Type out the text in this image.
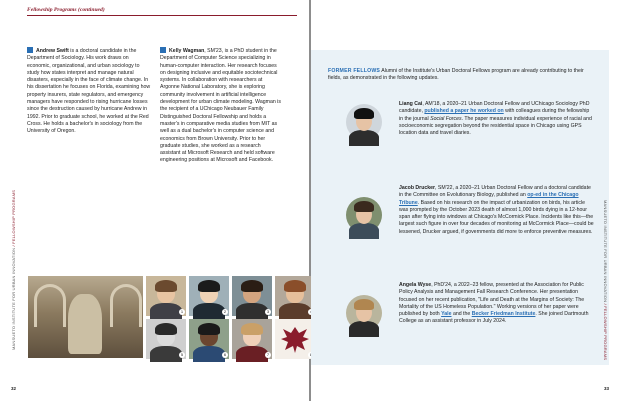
Fellowship Programs (continued)
MANSUETO INSTITUTE FOR URBAN INNOVATION / FELLOWSHIP PROGRAMS
Andrew Swift is a doctoral candidate in the Department of Sociology. His work draws on economic, organizational, and urban sociology to study how states interpret and manage natural disasters, especially in the face of climate change. In his dissertation he focuses on Florida, examining how property insurers, state regulators, and emergency managers have responded to rising hurricane losses since the destruction caused by hurricane Andrew in 1992. Prior to graduate school, he worked at the Red Cross. He holds a bachelor's in sociology from the University of Oregon.
Kelly Wagman, SM'23, is a PhD student in the Department of Computer Science specializing in human-computer interaction. Her research focuses on designing inclusive and equitable sociotechnical systems. In collaboration with researchers at Argonne National Laboratory, she is exploring community involvement in artificial intelligence development for urban climate modeling. Wagman is the recipient of a UChicago Neubauer Family Distinguished Doctoral Fellowship and holds a master's in comparative media studies from MIT as well as a dual bachelor's in computer science and economics from Brown University. Prior to her graduate studies, she worked as a research assistant at Microsoft Research and held software engineering positions at Microsoft and Facebook.
1	2	3
5	6	7
32
MANSUETO INSTITUTE FOR URBAN INNOVATION / FELLOWSHIP PROGRAMS
FORMER FELLOWS Alumni of the Institute's Urban Doctoral Fellows program are already contributing to their fields, as demonstrated in the following updates.
Liang Cai, AM'18, a 2020–21 Urban Doctoral Fellow and UChicago Sociology PhD candidate, published a paper he worked on with colleagues during the fellowship in the journal Social Forces. The paper measures individual experience of racial and socioeconomic segregation beyond the residential space in Chicago using GPS location data and travel diaries.
Jacob Drucker, SM'22, a 2020–21 Urban Doctoral Fellow and a doctoral candidate in the Committee on Evolutionary Biology, published an op-ed in the Chicago Tribune. Based on his research on the impact of urbanization on birds, his article was prompted by the October 2023 death of almost 1,000 birds dying in a 12-hour span after flying into windows at Chicago's McCormick Place. Incidents like this—the largest such figure in over four decades of monitoring at McCormick Place—could be lessened, Drucker argued, if governments did more to enforce preventive measures.
Angela Wyse, PhD'24, a 2022–23 fellow, presented at the Association for Public Policy Analysis and Management Fall Research Conference. Her presentation focused on her recent publication, "Life and Death at the Margins of Society: The Mortality of the US Homeless Population." Working versions of her paper were published by both Yale and the Becker Friedman Institute. She joined Dartmouth College as an assistant professor in July 2024.
33
